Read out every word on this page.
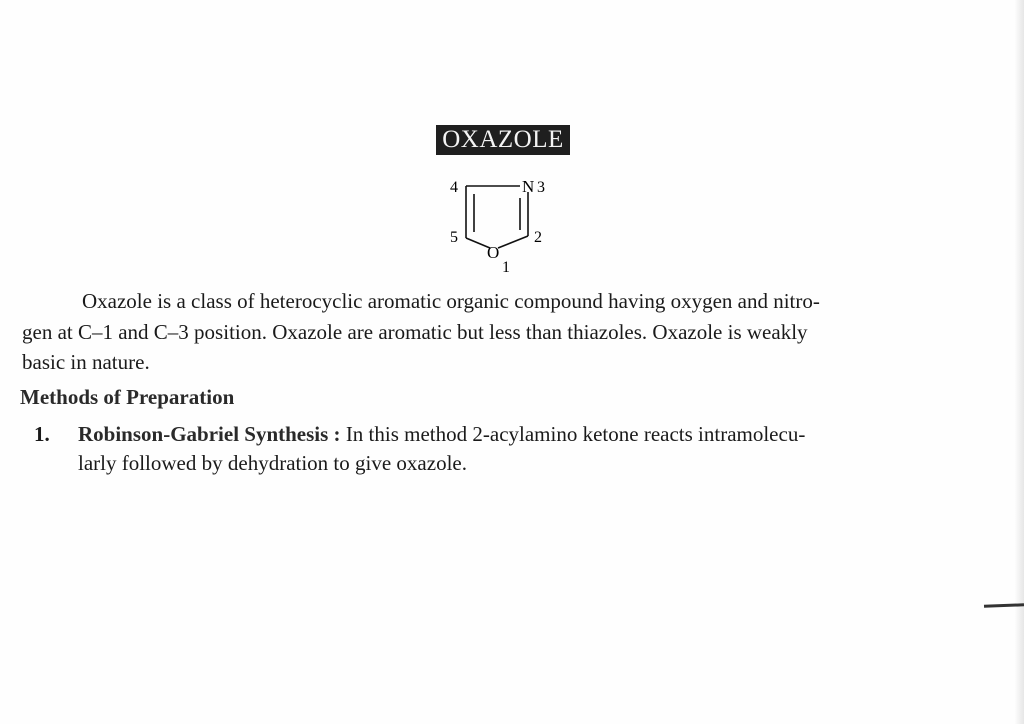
OXAZOLE
4	N 3
5
O
2
1
Oxazole is a class of heterocyclic aromatic organic compound having oxygen and nitro-
gen at C–1 and C–3 position. Oxazole are aromatic but less than thiazoles. Oxazole is weakly
basic in nature.
Methods of Preparation
1. Robinson-Gabriel Synthesis : In this method 2-acylamino ketone reacts intramolecu-
larly followed by dehydration to give oxazole.
